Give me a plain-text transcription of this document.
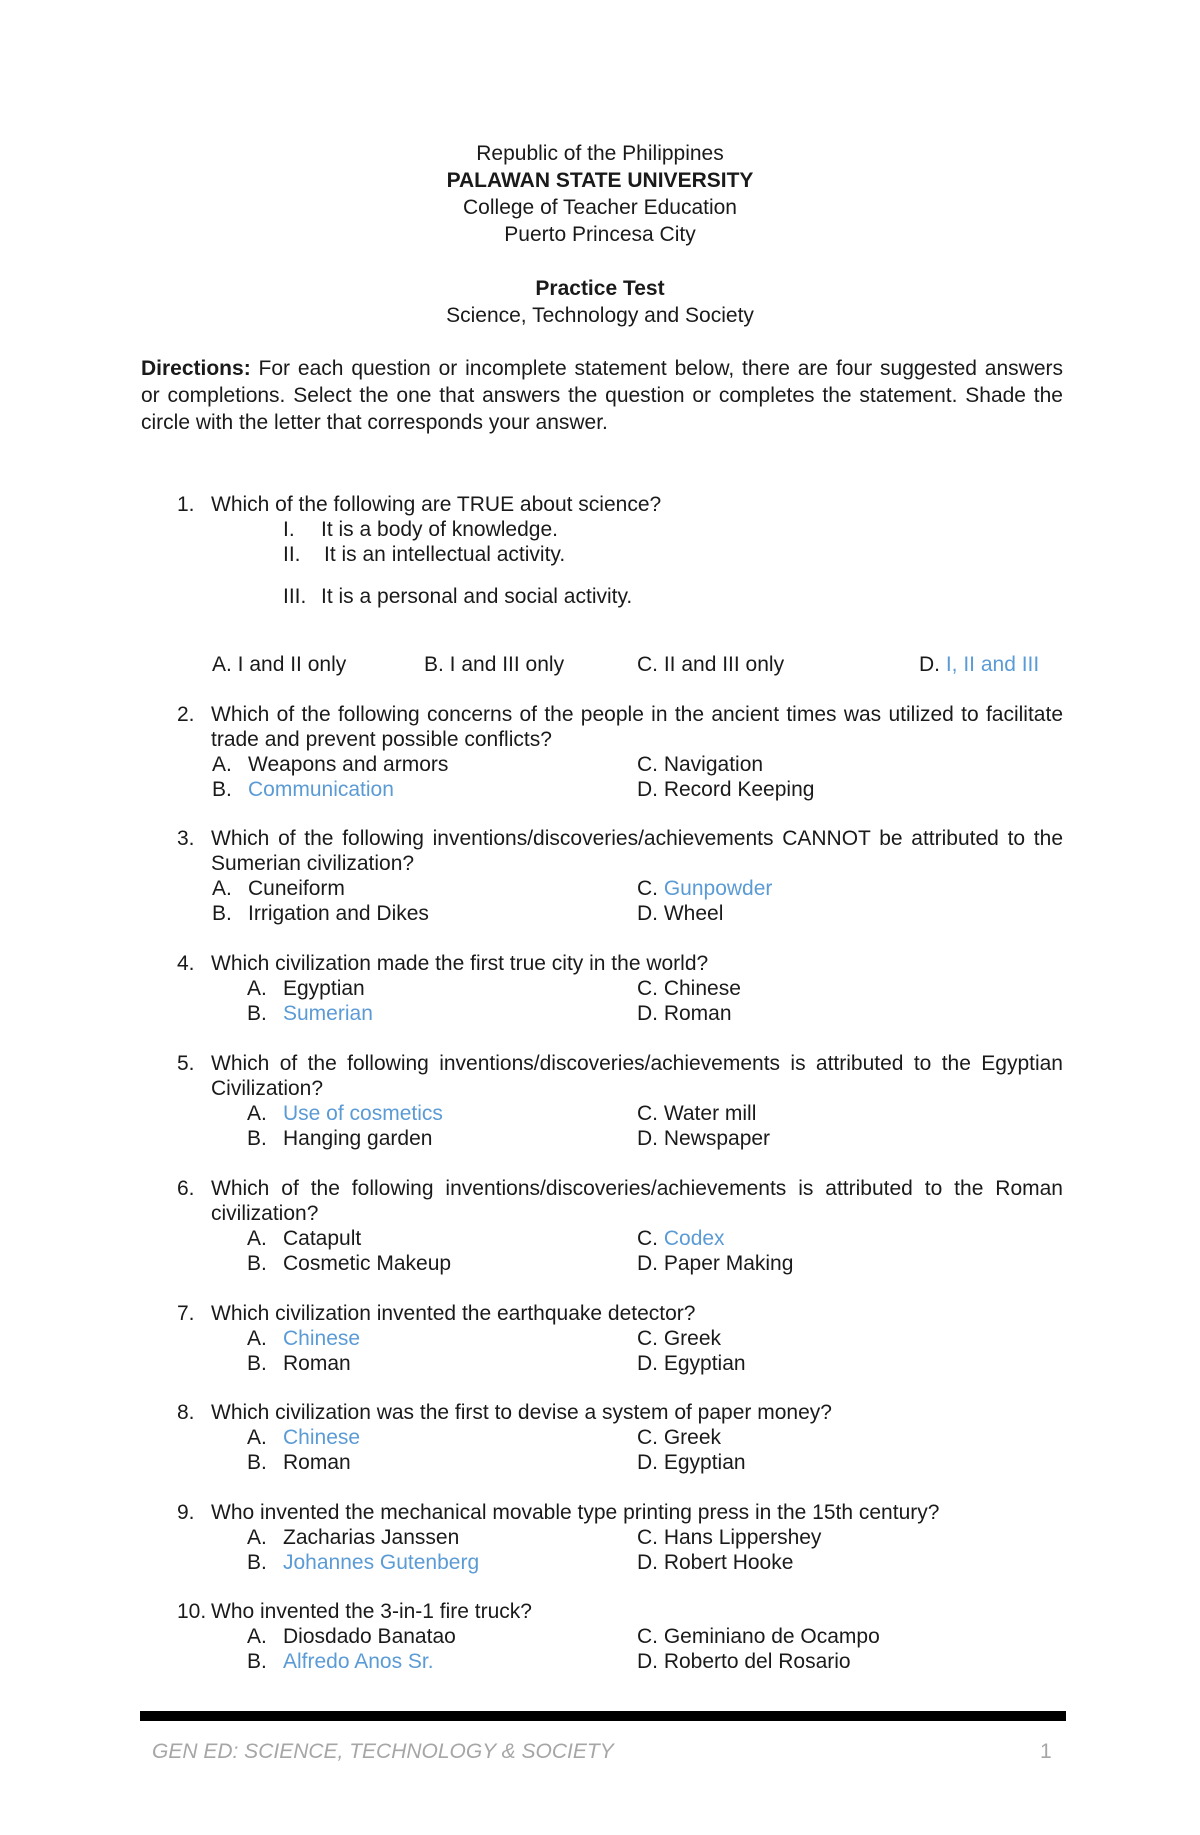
Republic of the Philippines
PALAWAN STATE UNIVERSITY
College of Teacher Education
Puerto Princesa City
Practice Test
Science, Technology and Society
Directions: For each question or incomplete statement below, there are four suggested answers or completions. Select the one that answers the question or completes the statement. Shade the circle with the letter that corresponds your answer.
1. Which of the following are TRUE about science?
I. It is a body of knowledge.
II. It is an intellectual activity.
III. It is a personal and social activity.
A. I and II only	B. I and III only	C. II and III only	D. I, II and III
2. Which of the following concerns of the people in the ancient times was utilized to facilitate trade and prevent possible conflicts?
A. Weapons and armors
B. Communication
C. Navigation
D. Record Keeping
3. Which of the following inventions/discoveries/achievements CANNOT be attributed to the Sumerian civilization?
A. Cuneiform
B. Irrigation and Dikes
C. Gunpowder
D. Wheel
4. Which civilization made the first true city in the world?
A. Egyptian
B. Sumerian
C. Chinese
D. Roman
5. Which of the following inventions/discoveries/achievements is attributed to the Egyptian Civilization?
A. Use of cosmetics
B. Hanging garden
C. Water mill
D. Newspaper
6. Which of the following inventions/discoveries/achievements is attributed to the Roman civilization?
A. Catapult
B. Cosmetic Makeup
C. Codex
D. Paper Making
7. Which civilization invented the earthquake detector?
A. Chinese
B. Roman
C. Greek
D. Egyptian
8. Which civilization was the first to devise a system of paper money?
A. Chinese
B. Roman
C. Greek
D. Egyptian
9. Who invented the mechanical movable type printing press in the 15th century?
A. Zacharias Janssen
B. Johannes Gutenberg
C. Hans Lippershey
D. Robert Hooke
10. Who invented the 3-in-1 fire truck?
A. Diosdado Banatao
B. Alfredo Anos Sr.
C. Geminiano de Ocampo
D. Roberto del Rosario
GEN ED: SCIENCE, TECHNOLOGY & SOCIETY	1
